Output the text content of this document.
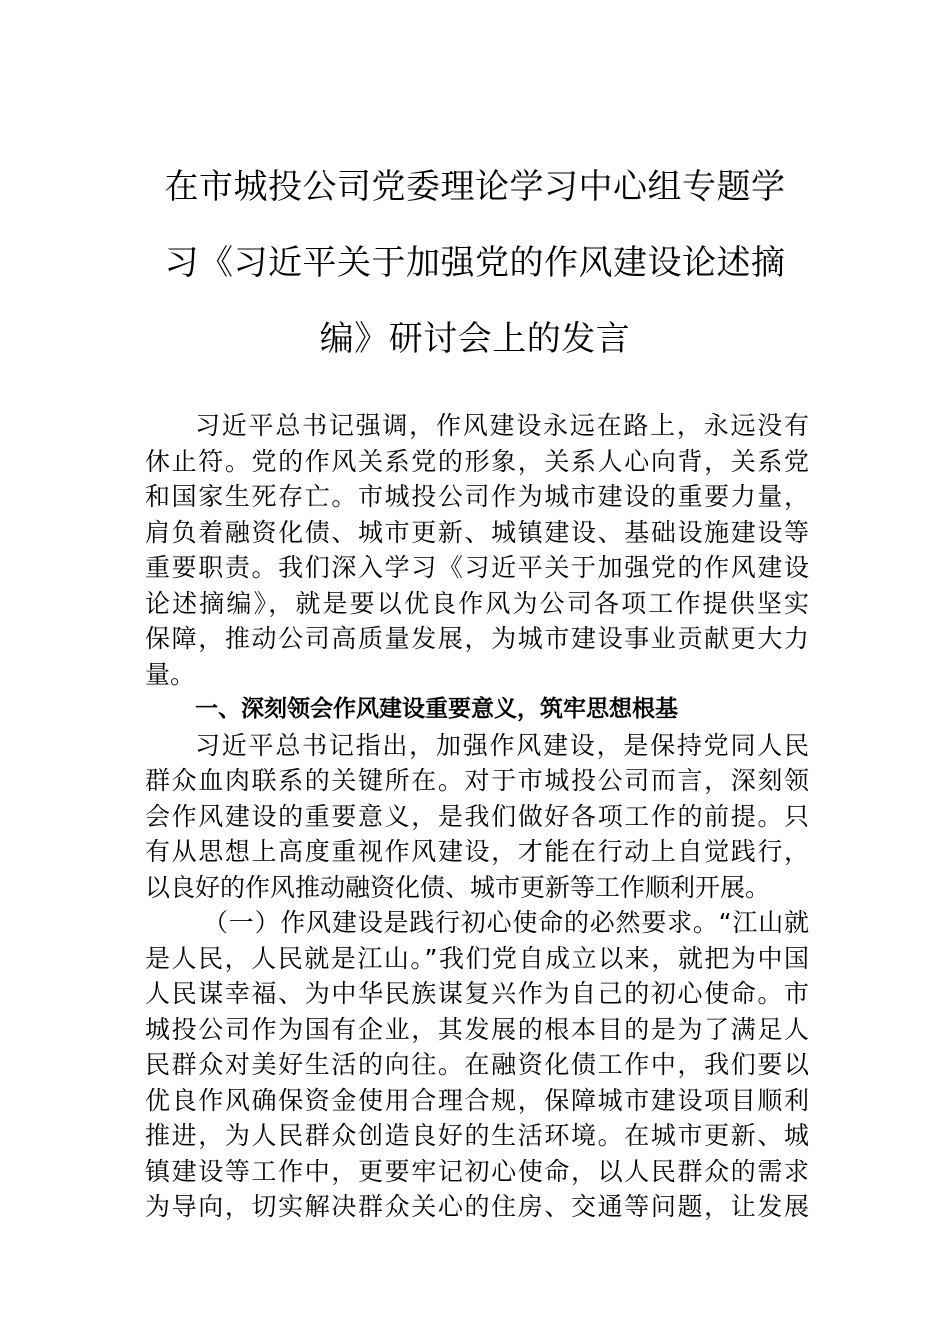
在市城投公司党委理论学习中心组专题学
习《习近平关于加强党的作风建设论述摘
编》研讨会上的发言
习近平总书记强调，作风建设永远在路上，永远没有
休止符。党的作风关系党的形象，关系人心向背，关系党
和国家生死存亡。市城投公司作为城市建设的重要力量，
肩负着融资化债、城市更新、城镇建设、基础设施建设等
重要职责。我们深入学习《习近平关于加强党的作风建设
论述摘编》，就是要以优良作风为公司各项工作提供坚实
保障，推动公司高质量发展，为城市建设事业贡献更大力
量。
一、深刻领会作风建设重要意义，筑牢思想根基
习近平总书记指出，加强作风建设，是保持党同人民
群众血肉联系的关键所在。对于市城投公司而言，深刻领
会作风建设的重要意义，是我们做好各项工作的前提。只
有从思想上高度重视作风建设，才能在行动上自觉践行，
以良好的作风推动融资化债、城市更新等工作顺利开展。
（一）作风建设是践行初心使命的必然要求。“江山就
是人民，人民就是江山。”我们党自成立以来，就把为中国
人民谋幸福、为中华民族谋复兴作为自己的初心使命。市
城投公司作为国有企业，其发展的根本目的是为了满足人
民群众对美好生活的向往。在融资化债工作中，我们要以
优良作风确保资金使用合理合规，保障城市建设项目顺利
推进，为人民群众创造良好的生活环境。在城市更新、城
镇建设等工作中，更要牢记初心使命，以人民群众的需求
为导向，切实解决群众关心的住房、交通等问题，让发展
